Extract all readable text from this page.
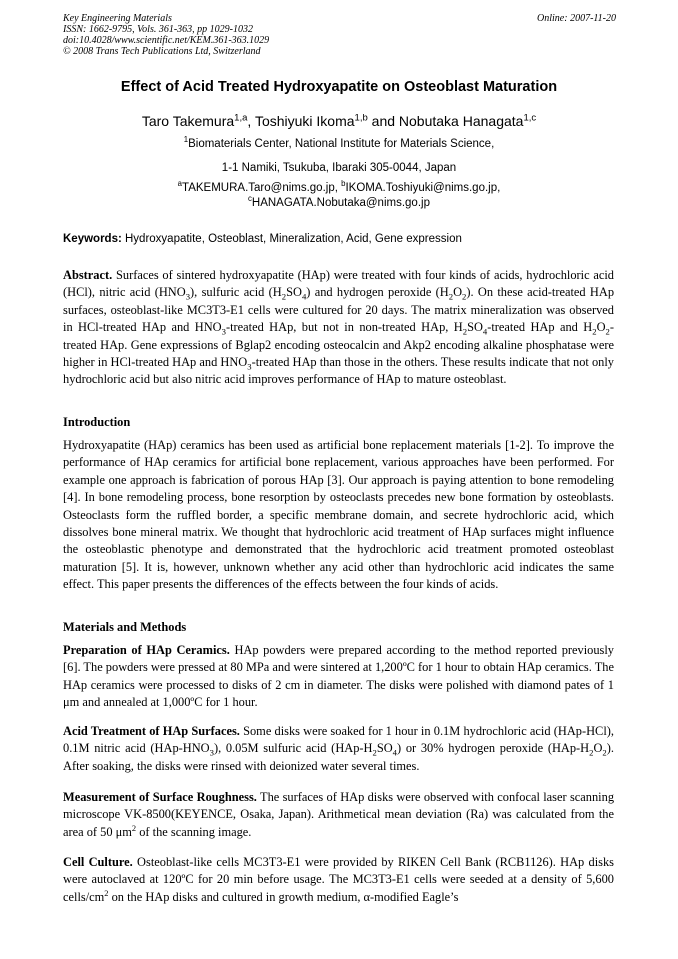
Key Engineering Materials
ISSN: 1662-9795, Vols. 361-363, pp 1029-1032
doi:10.4028/www.scientific.net/KEM.361-363.1029
© 2008 Trans Tech Publications Ltd, Switzerland
Online: 2007-11-20
Effect of Acid Treated Hydroxyapatite on Osteoblast Maturation
Taro Takemura$^{1,a}$, Toshiyuki Ikoma$^{1,b}$ and Nobutaka Hanagata$^{1,c}$
$^1$Biomaterials Center, National Institute for Materials Science,
1-1 Namiki, Tsukuba, Ibaraki 305-0044, Japan
$^a$TAKEMURA.Taro@nims.go.jp, $^b$IKOMA.Toshiyuki@nims.go.jp,
$^c$HANAGATA.Nobutaka@nims.go.jp
Keywords: Hydroxyapatite, Osteoblast, Mineralization, Acid, Gene expression
Abstract. Surfaces of sintered hydroxyapatite (HAp) were treated with four kinds of acids, hydrochloric acid (HCl), nitric acid $(HNO_3)$, sulfuric acid $(H_2SO_4)$ and hydrogen peroxide $(H_2O_2)$. On these acid-treated HAp surfaces, osteoblast-like MC3T3-E1 cells were cultured for 20 days. The matrix mineralization was observed in HCl-treated HAp and $HNO_3$-treated HAp, but not in non-treated HAp, $H_2SO_4$-treated HAp and $H_2O_2$-treated HAp. Gene expressions of Bglap2 encoding osteocalcin and Akp2 encoding alkaline phosphatase were higher in HCl-treated HAp and $HNO_3$-treated HAp than those in the others. These results indicate that not only hydrochloric acid but also nitric acid improves performance of HAp to mature osteoblast.
Introduction
Hydroxyapatite (HAp) ceramics has been used as artificial bone replacement materials [1-2]. To improve the performance of HAp ceramics for artificial bone replacement, various approaches have been performed. For example one approach is fabrication of porous HAp [3]. Our approach is paying attention to bone remodeling [4]. In bone remodeling process, bone resorption by osteoclasts precedes new bone formation by osteoblasts. Osteoclasts form the ruffled border, a specific membrane domain, and secrete hydrochloric acid, which dissolves bone mineral matrix. We thought that hydrochloric acid treatment of HAp surfaces might influence the osteoblastic phenotype and demonstrated that the hydrochloric acid treatment promoted osteoblast maturation [5]. It is, however, unknown whether any acid other than hydrochloric acid indicates the same effect. This paper presents the differences of the effects between the four kinds of acids.
Materials and Methods
Preparation of HAp Ceramics. HAp powders were prepared according to the method reported previously [6]. The powders were pressed at 80 MPa and were sintered at 1,200ºC for 1 hour to obtain HAp ceramics. The HAp ceramics were processed to disks of 2 cm in diameter. The disks were polished with diamond pates of 1 μm and annealed at 1,000ºC for 1 hour.
Acid Treatment of HAp Surfaces. Some disks were soaked for 1 hour in 0.1M hydrochloric acid (HAp-HCl), 0.1M nitric acid $(HAp-HNO_3)$, 0.05M sulfuric acid $(HAp-H_2SO_4)$ or 30% hydrogen peroxide $(HAp-H_2O_2)$. After soaking, the disks were rinsed with deionized water several times.
Measurement of Surface Roughness. The surfaces of HAp disks were observed with confocal laser scanning microscope VK-8500(KEYENCE, Osaka, Japan). Arithmetical mean deviation (Ra) was calculated from the area of 50 $\mu m^2$ of the scanning image.
Cell Culture. Osteoblast-like cells MC3T3-E1 were provided by RIKEN Cell Bank (RCB1126). HAp disks were autoclaved at 120ºC for 20 min before usage. The MC3T3-E1 cells were seeded at a density of 5,600 cells/$cm^2$ on the HAp disks and cultured in growth medium, α-modified Eagle’s
